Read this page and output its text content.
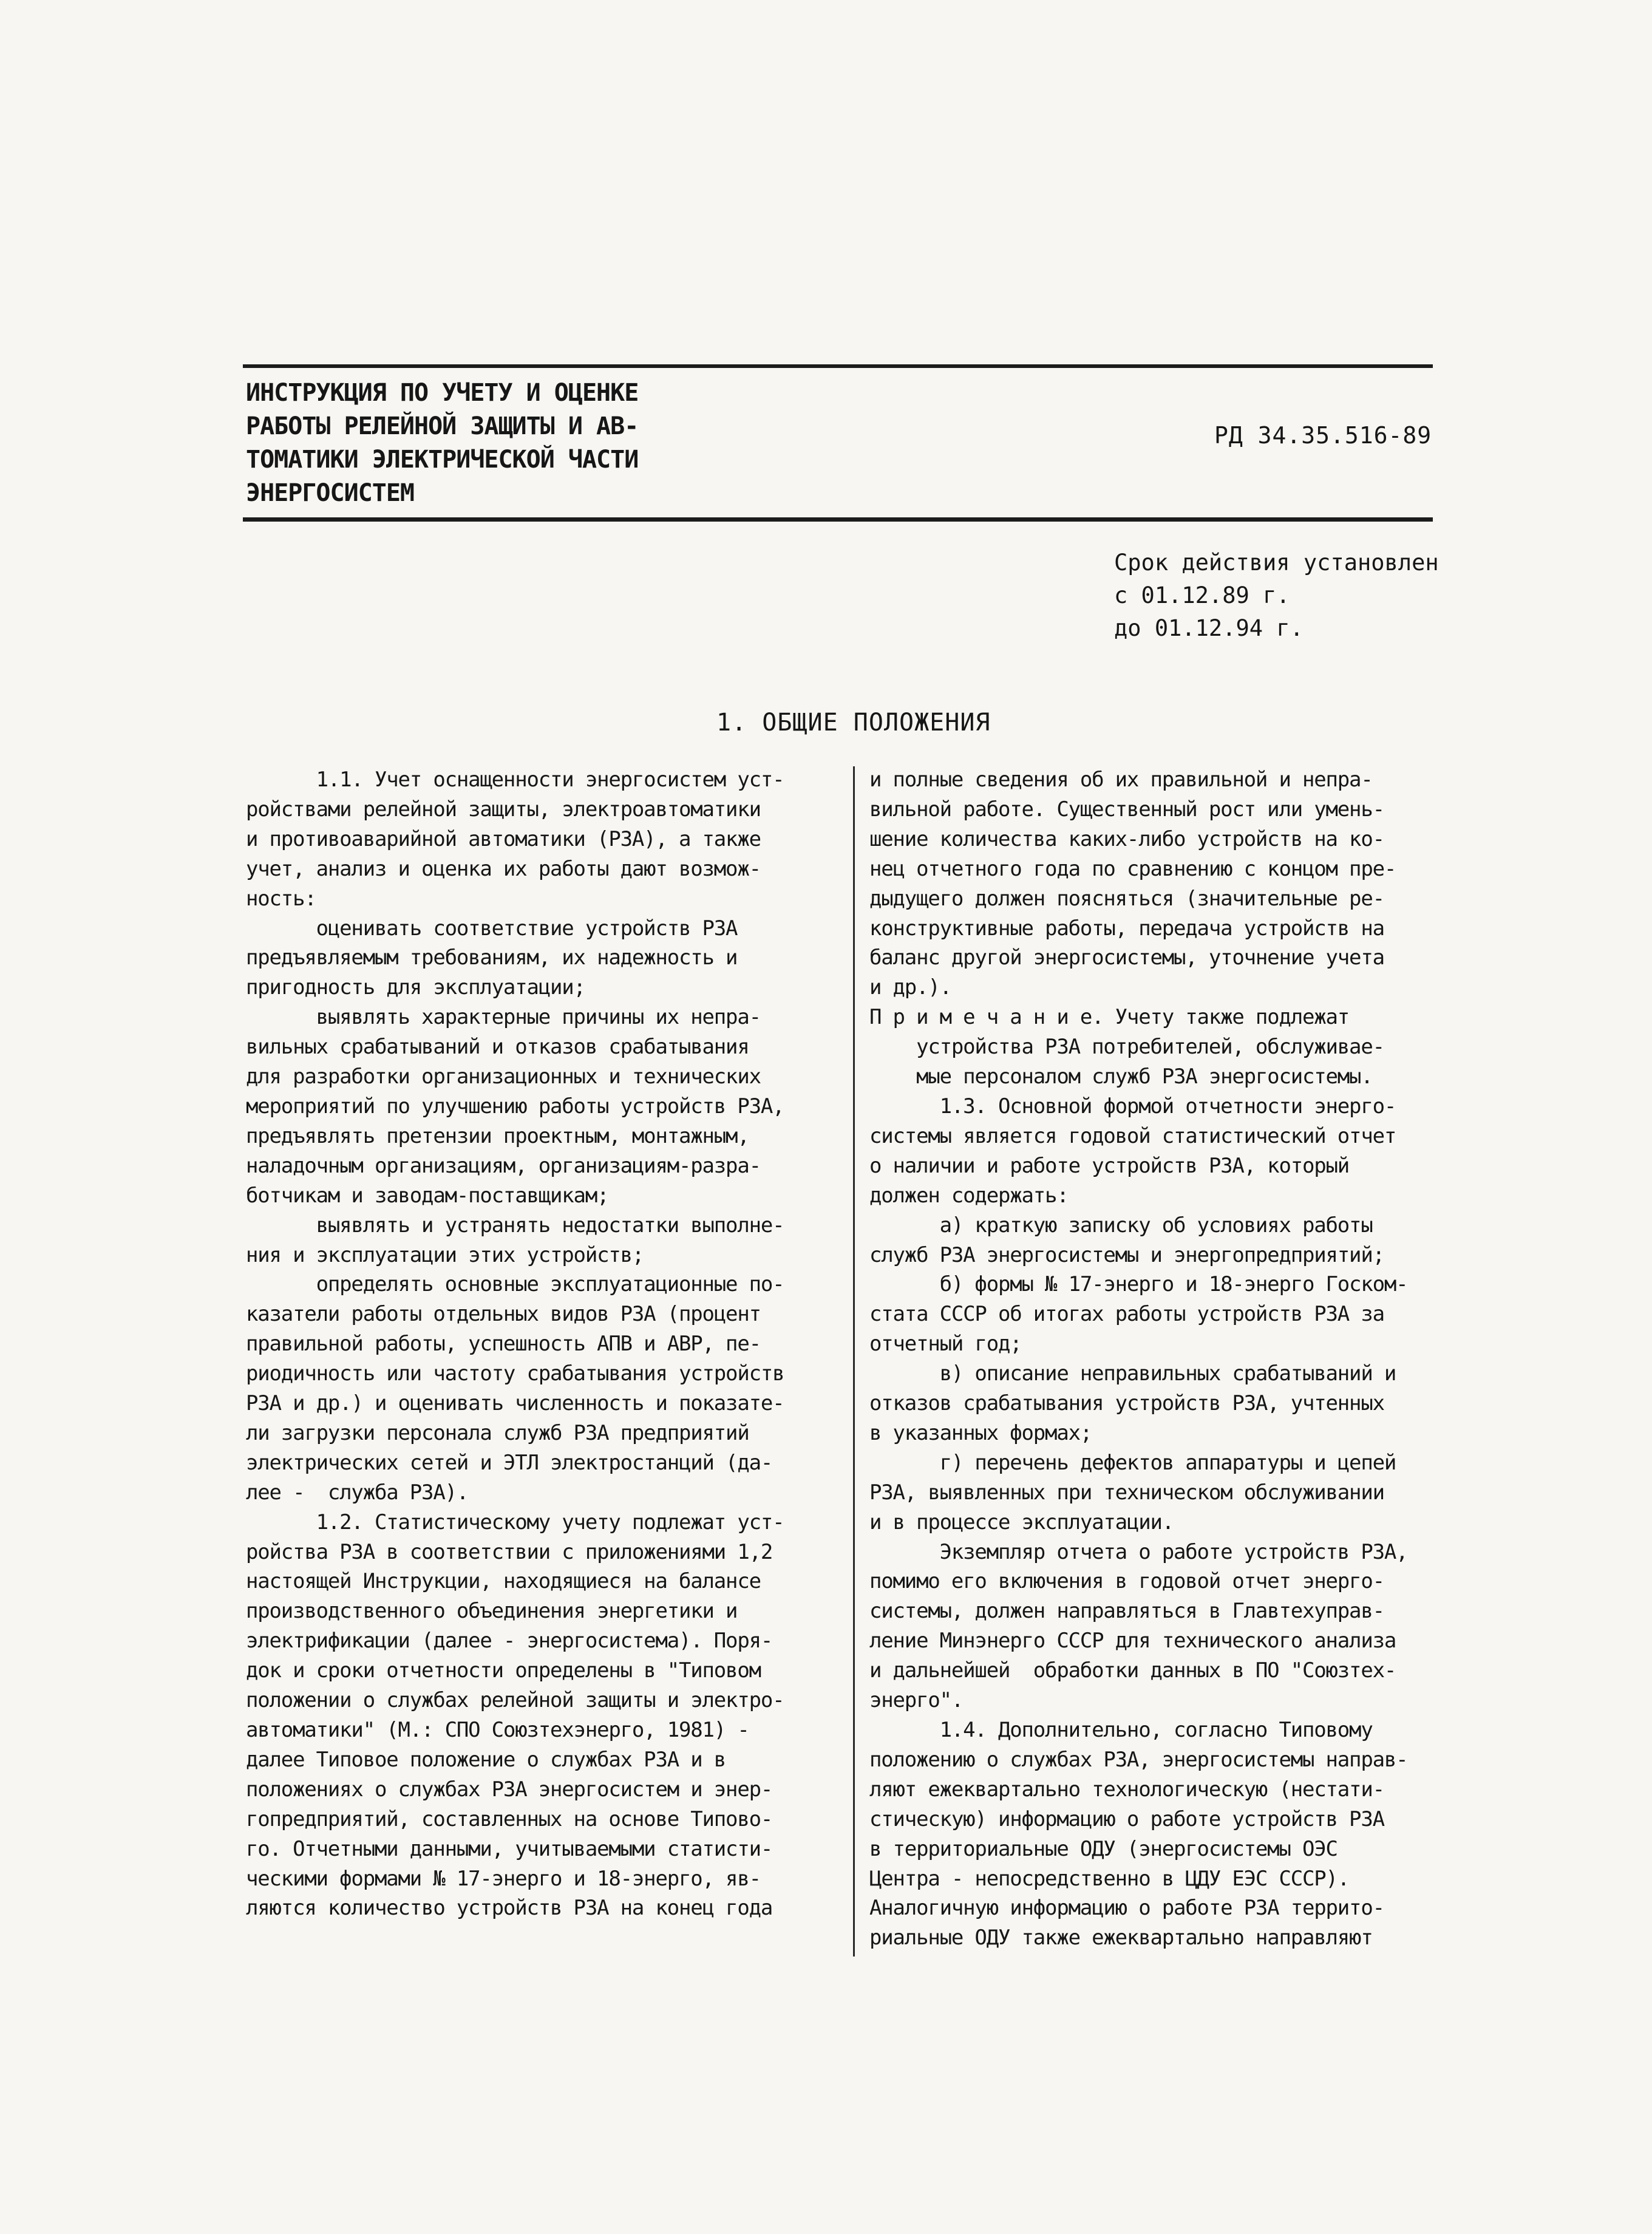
ИНСТРУКЦИЯ ПО УЧЕТУ И ОЦЕНКЕ
РАБОТЫ РЕЛЕЙНОЙ ЗАЩИТЫ И АВ-
ТОМАТИКИ ЭЛЕКТРИЧЕСКОЙ ЧАСТИ
ЭНЕРГОСИСТЕМ
РД 34.35.516-89
Срок действия установлен
с 01.12.89 г.
до 01.12.94 г.
1. ОБЩИЕ ПОЛОЖЕНИЯ
1.1. Учет оснащенности энергосистем уст-
ройствами релейной защиты, электроавтоматики
и противоаварийной автоматики (РЗА), а также
учет, анализ и оценка их работы дают возмож-
ность:
оценивать соответствие устройств РЗА
предъявляемым требованиям, их надежность и
пригодность для эксплуатации;
выявлять характерные причины их непра-
вильных срабатываний и отказов срабатывания
для разработки организационных и технических
мероприятий по улучшению работы устройств РЗА,
предъявлять претензии проектным, монтажным,
наладочным организациям, организациям-разра-
ботчикам и заводам-поставщикам;
выявлять и устранять недостатки выполне-
ния и эксплуатации этих устройств;
определять основные эксплуатационные по-
казатели работы отдельных видов РЗА (процент
правильной работы, успешность АПВ и АВР, пе-
риодичность или частоту срабатывания устройств
РЗА и др.) и оценивать численность и показате-
ли загрузки персонала служб РЗА предприятий
электрических сетей и ЭТЛ электростанций (да-
лее -  служба РЗА).
1.2. Статистическому учету подлежат уст-
ройства РЗА в соответствии с приложениями 1,2
настоящей Инструкции, находящиеся на балансе
производственного объединения энергетики и
электрификации (далее - энергосистема). Поря-
док и сроки отчетности определены в "Типовом
положении о службах релейной защиты и электро-
автоматики" (М.: СПО Союзтехэнерго, 1981) -
далее Типовое положение о службах РЗА и в
положениях о службах РЗА энергосистем и энер-
гопредприятий, составленных на основе Типово-
го. Отчетными данными, учитываемыми статисти-
ческими формами № 17-энерго и 18-энерго, яв-
ляются количество устройств РЗА на конец года
и полные сведения об их правильной и непра-
вильной работе. Существенный рост или умень-
шение количества каких-либо устройств на ко-
нец отчетного года по сравнению с концом пре-
дыдущего должен поясняться (значительные ре-
конструктивные работы, передача устройств на
баланс другой энергосистемы, уточнение учета
и др.).
П р и м е ч а н и е. Учету также подлежат
устройства РЗА потребителей, обслуживае-
мые персоналом служб РЗА энергосистемы.
1.3. Основной формой отчетности энерго-
системы является годовой статистический отчет
о наличии и работе устройств РЗА, который
должен содержать:
а) краткую записку об условиях работы
служб РЗА энергосистемы и энергопредприятий;
б) формы № 17-энерго и 18-энерго Госком-
стата СССР об итогах работы устройств РЗА за
отчетный год;
в) описание неправильных срабатываний и
отказов срабатывания устройств РЗА, учтенных
в указанных формах;
г) перечень дефектов аппаратуры и цепей
РЗА, выявленных при техническом обслуживании
и в процессе эксплуатации.
Экземпляр отчета о работе устройств РЗА,
помимо его включения в годовой отчет энерго-
системы, должен направляться в Главтехуправ-
ление Минэнерго СССР для технического анализа
и дальнейшей  обработки данных в ПО "Союзтех-
энерго".
1.4. Дополнительно, согласно Типовому
положению о службах РЗА, энергосистемы направ-
ляют ежеквартально технологическую (нестати-
стическую) информацию о работе устройств РЗА
в территориальные ОДУ (энергосистемы ОЭС
Центра - непосредственно в ЦДУ ЕЭС СССР).
Аналогичную информацию о работе РЗА террито-
риальные ОДУ также ежеквартально направляют
